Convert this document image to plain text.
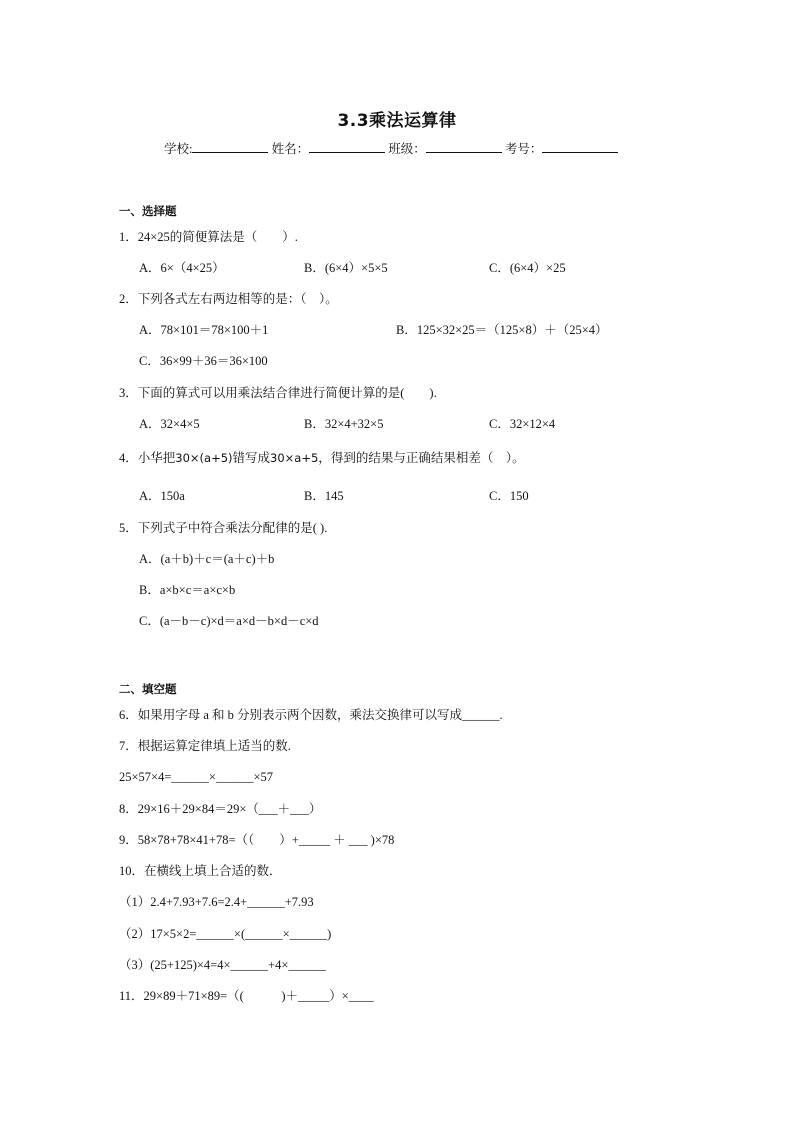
3.3乘法运算律
学校:	姓名：	班级：	考号：
一、选择题
1．24×25的简便算法是（　　）.
A．6×（4×25）	B．(6×4）×5×5	C．(6×4）×25
2．下列各式左右两边相等的是：（　）。
A．78×101＝78×100＋1	B．125×32×25＝（125×8）＋（25×4）
C．36×99＋36＝36×100
3．下面的算式可以用乘法结合律进行简便计算的是(　　).
A．32×4×5	B．32×4+32×5	C．32×12×4
4．小华把30×(a+5)错写成30×a+5，得到的结果与正确结果相差（　）。
A．150a	B．145	C．150
5．下列式子中符合乘法分配律的是( ).
A．(a＋b)＋c＝(a＋c)＋b
B．a×b×c＝a×c×b
C．(a－b－c)×d＝a×d－b×d－c×d
二、填空题
6．如果用字母 a 和 b 分别表示两个因数，乘法交换律可以写成______.
7．根据运算定律填上适当的数.
25×57×4=______×______×57
8．29×16＋29×84＝29×（___＋___）
9．58×78+78×41+78=（（　　）+_____ ＋ ___ )×78
10．在横线上填上合适的数．
（1）2.4+7.93+7.6=2.4+______+7.93
（2）17×5×2=______×(______×______)
（3）(25+125)×4=4×______+4×______
11．29×89＋71×89=（(　　　)＋_____）×____
